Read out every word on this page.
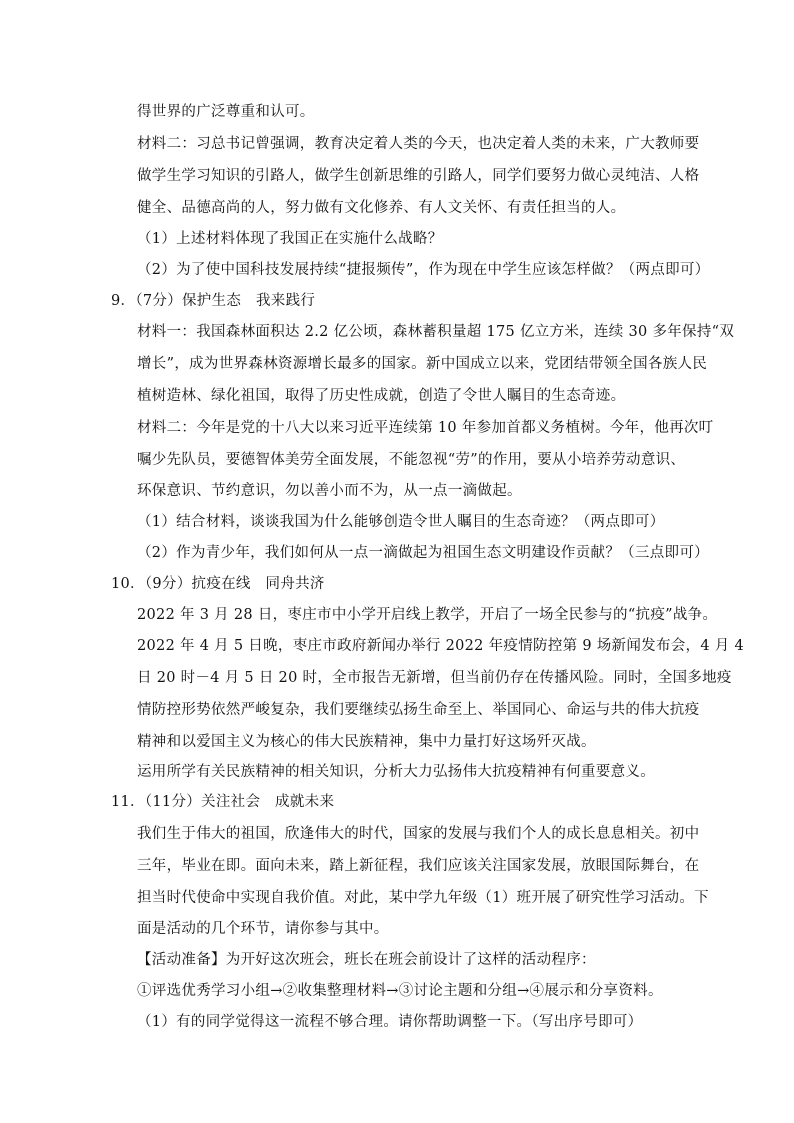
得世界的广泛尊重和认可。
材料二：习总书记曾强调，教育决定着人类的今天，也决定着人类的未来，广大教师要
做学生学习知识的引路人，做学生创新思维的引路人，同学们要努力做心灵纯洁、人格
健全、品德高尚的人，努力做有文化修养、有人文关怀、有责任担当的人。
（1）上述材料体现了我国正在实施什么战略？
（2）为了使中国科技发展持续“捷报频传”，作为现在中学生应该怎样做？（两点即可）
9．（7分）保护生态　我来践行
材料一：我国森林面积达 2.2 亿公顷，森林蓄积量超 175 亿立方米，连续 30 多年保持“双
增长”，成为世界森林资源增长最多的国家。新中国成立以来，党团结带领全国各族人民
植树造林、绿化祖国，取得了历史性成就，创造了令世人瞩目的生态奇迹。
材料二：今年是党的十八大以来习近平连续第 10 年参加首都义务植树。今年，他再次叮
嘱少先队员，要德智体美劳全面发展，不能忽视“劳”的作用，要从小培养劳动意识、
环保意识、节约意识，勿以善小而不为，从一点一滴做起。
（1）结合材料，谈谈我国为什么能够创造令世人瞩目的生态奇迹？（两点即可）
（2）作为青少年，我们如何从一点一滴做起为祖国生态文明建设作贡献？（三点即可）
10．（9分）抗疫在线　同舟共济
2022 年 3 月 28 日，枣庄市中小学开启线上教学，开启了一场全民参与的“抗疫”战争。
2022 年 4 月 5 日晚，枣庄市政府新闻办举行 2022 年疫情防控第 9 场新闻发布会，4 月 4
日 20 时－4 月 5 日 20 时，全市报告无新增，但当前仍存在传播风险。同时，全国多地疫
情防控形势依然严峻复杂，我们要继续弘扬生命至上、举国同心、命运与共的伟大抗疫
精神和以爱国主义为核心的伟大民族精神，集中力量打好这场歼灭战。
运用所学有关民族精神的相关知识，分析大力弘扬伟大抗疫精神有何重要意义。
11．（11分）关注社会　成就未来
我们生于伟大的祖国，欣逢伟大的时代，国家的发展与我们个人的成长息息相关。初中
三年，毕业在即。面向未来，踏上新征程，我们应该关注国家发展，放眼国际舞台，在
担当时代使命中实现自我价值。对此，某中学九年级（1）班开展了研究性学习活动。下
面是活动的几个环节，请你参与其中。
【活动准备】为开好这次班会，班长在班会前设计了这样的活动程序：
①评选优秀学习小组→②收集整理材料→③讨论主题和分组→④展示和分享资料。
（1）有的同学觉得这一流程不够合理。请你帮助调整一下。（写出序号即可）
